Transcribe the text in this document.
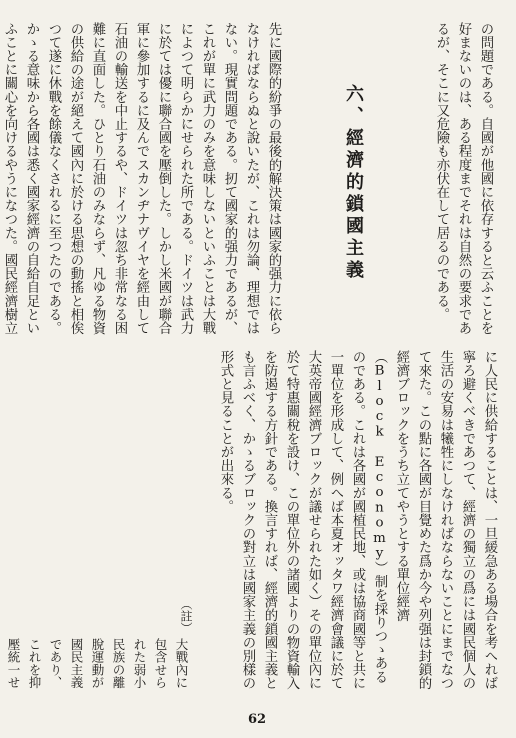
の問題である。自國が他國に依存すると云ふことを好まないのは、ある程度までそれは自然の要求であるが、そこに又危險も亦伏在して居るのである。
六、經濟的鎖國主義
先に國際的紛爭の最後的解決策は國家的强力に依らなければならぬと說いたが、これは勿論、理想ではない。現實問題である。扨て國家的强力であるが、これが單に武力のみを意味しないといふことは大戰によつて明らかにせられた所である。ドイツは武力に於ては優に聯合國を壓倒した。しかし米國が聯合軍に參加するに及んでスカンヂナヴイヤを經由して石油の輸送を中止するや、ドイツは忽ち非常なる困難に直面した。ひとり石油のみならず、凡ゆる物資の供給の途が絕えて國內に於ける思想の動搖と相俟つて遂に休戰を餘儀なくされるに至つたのである。かゝる意味から各國は悉く國家經濟の自給自足といふことに關心を向けるやうになつた。國民經濟樹立
に人民に供給することは、一旦緩急ある場合を考へれば寧ろ避くべきであつて、經濟の獨立の爲には國民個人の生活の安易は犧牲にしなければならないことにまでなつて來た。この點に各國が目覺めた爲か今や列强は封鎖的經濟ブロックをうち立てやうとする單位經濟（Block Economy）制を採りつゝあるのである。これは各國が國植民地、或は協商國等と共に一單位を形成して、例へば本夏オッタワ經濟會議に於て大英帝國經濟ブロックが議せられた如く）その單位內に於て特惠關稅を設け、この單位外の諸國よりの物資輸入を防遏する方針である。換言すれば、經濟的鎖國主義とも言ふべく、かゝるブロックの對立は國家主義の別樣の形式と見ることが出來る。
（註）
大戰內に包含せられた弱小民族の離脫運動が國民主義であり、これを抑壓統一せ
62
